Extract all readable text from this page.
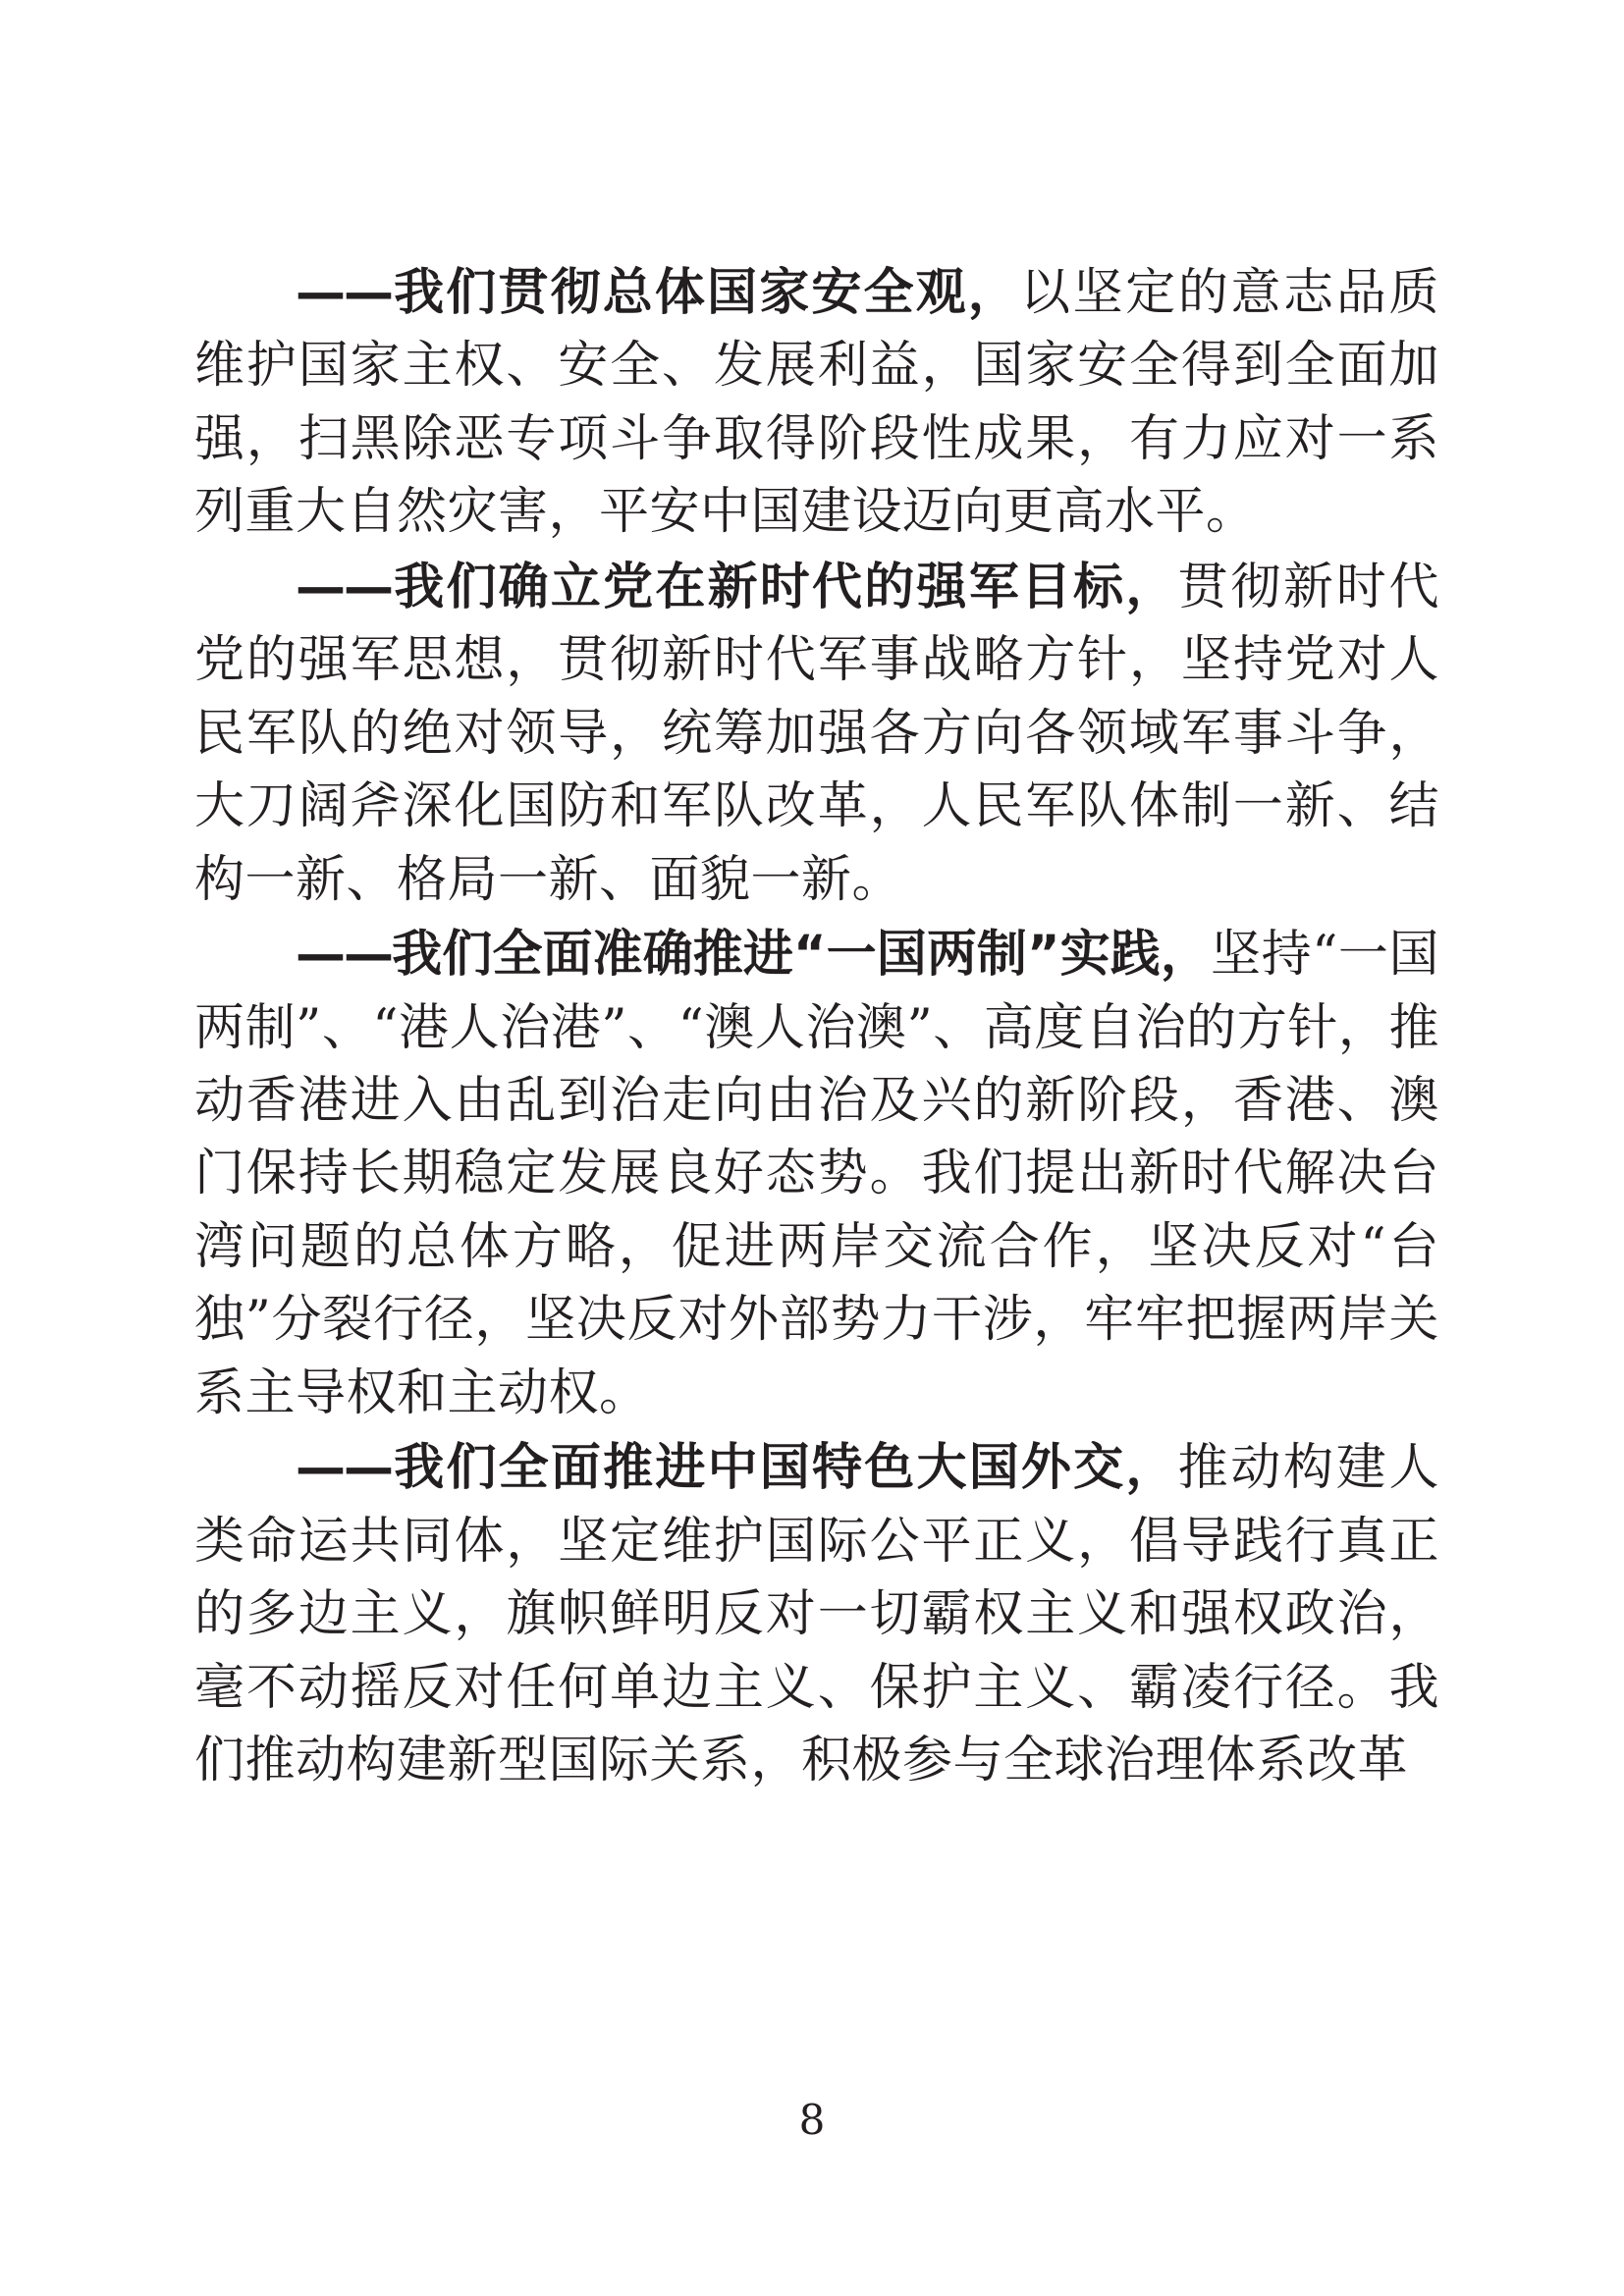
　　——我们贯彻总体国家安全观，以坚定的意志品质维护国家主权、安全、发展利益，国家安全得到全面加强，扫黑除恶专项斗争取得阶段性成果，有力应对一系列重大自然灾害，平安中国建设迈向更高水平。

　　——我们确立党在新时代的强军目标，贯彻新时代党的强军思想，贯彻新时代军事战略方针，坚持党对人民军队的绝对领导，统筹加强各方向各领域军事斗争，大刀阔斧深化国防和军队改革，人民军队体制一新、结构一新、格局一新、面貌一新。

　　——我们全面准确推进“一国两制”实践，坚持“一国两制”、“港人治港”、“澳人治澳”、高度自治的方针，推动香港进入由乱到治走向由治及兴的新阶段，香港、澳门保持长期稳定发展良好态势。我们提出新时代解决台湾问题的总体方略，促进两岸交流合作，坚决反对“台独”分裂行径，坚决反对外部势力干涉，牢牢把握两岸关系主导权和主动权。

　　——我们全面推进中国特色大国外交，推动构建人类命运共同体，坚定维护国际公平正义，倡导践行真正的多边主义，旗帜鲜明反对一切霸权主义和强权政治，毫不动摇反对任何单边主义、保护主义、霸凌行径。我们推动构建新型国际关系，积极参与全球治理体系改革

8
